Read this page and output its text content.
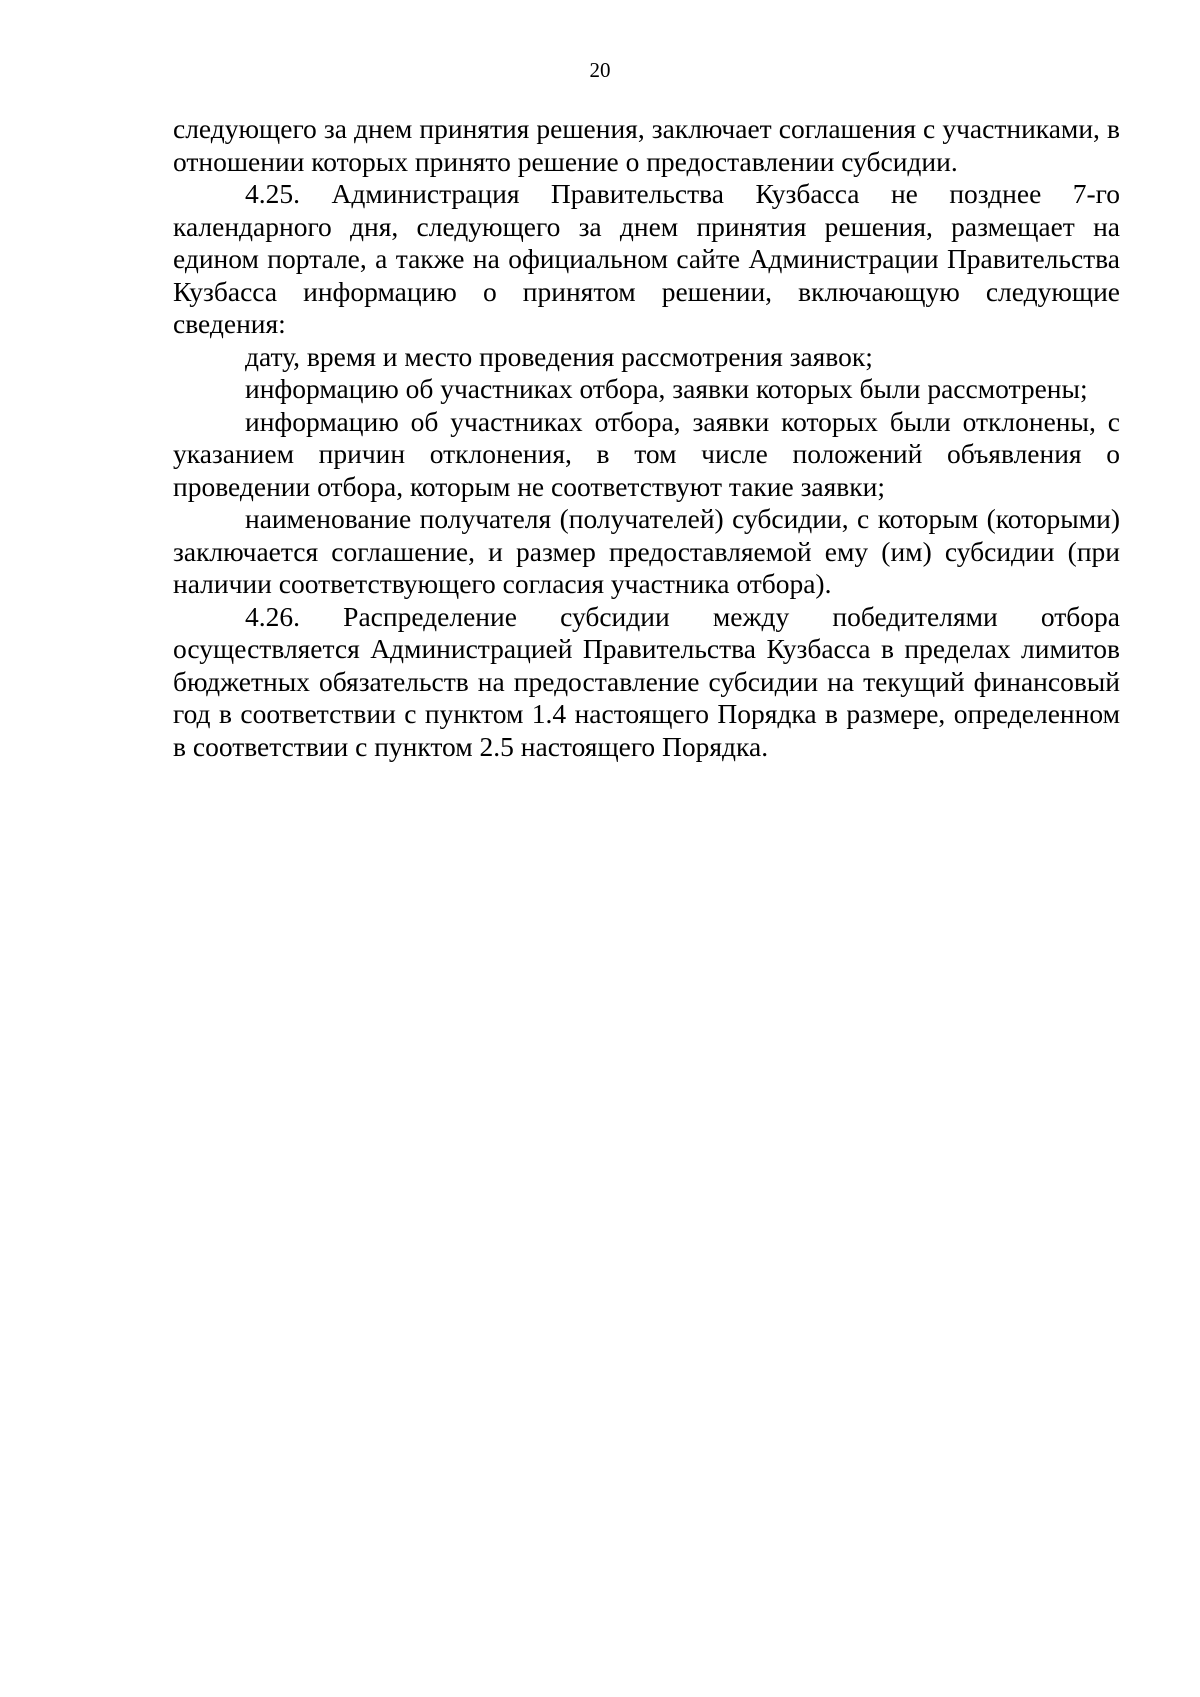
20

следующего за днем принятия решения, заключает соглашения с участниками, в отношении которых принято решение о предоставлении субсидии.

4.25. Администрация Правительства Кузбасса не позднее 7-го календарного дня, следующего за днем принятия решения, размещает на едином портале, а также на официальном сайте Администрации Правительства Кузбасса информацию о принятом решении, включающую следующие сведения:

дату, время и место проведения рассмотрения заявок;

информацию об участниках отбора, заявки которых были рассмотрены;

информацию об участниках отбора, заявки которых были отклонены, с указанием причин отклонения, в том числе положений объявления о проведении отбора, которым не соответствуют такие заявки;

наименование получателя (получателей) субсидии, с которым (которыми) заключается соглашение, и размер предоставляемой ему (им) субсидии (при наличии соответствующего согласия участника отбора).

4.26. Распределение субсидии между победителями отбора осуществляется Администрацией Правительства Кузбасса в пределах лимитов бюджетных обязательств на предоставление субсидии на текущий финансовый год в соответствии с пунктом 1.4 настоящего Порядка в размере, определенном в соответствии с пунктом 2.5 настоящего Порядка.
